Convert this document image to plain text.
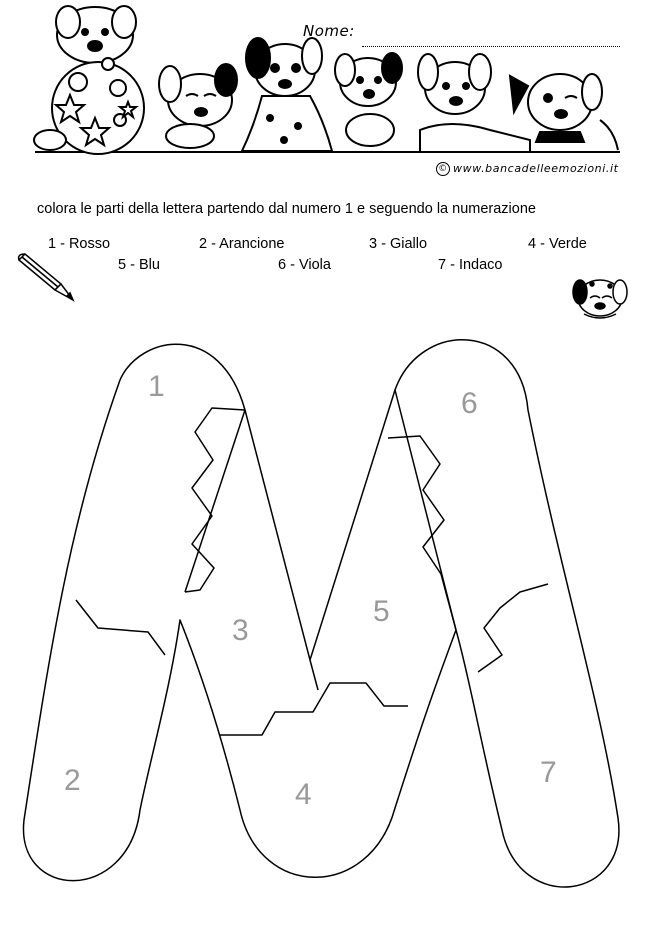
Nome:
© www.bancadelleemozioni.it
colora le parti della lettera partendo dal numero 1 e seguendo la numerazione
1 - Rosso	2 - Arancione	3 - Giallo	4 - Verde
5 - Blu	6 - Viola	7 - Indaco
1
2
3
4
5
6
7
